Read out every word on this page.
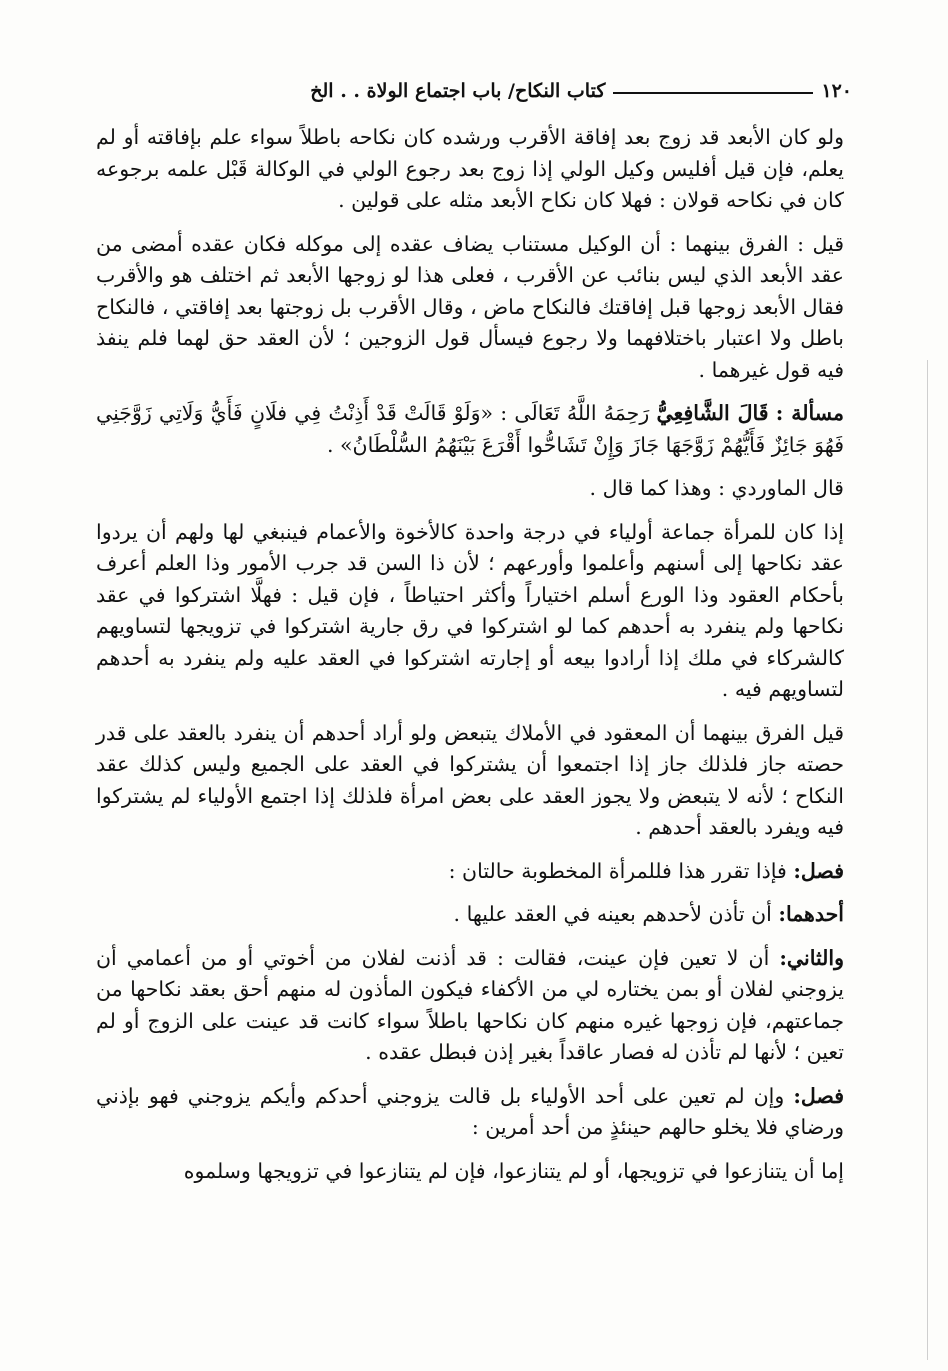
١٢٠
كتاب النكاح/ باب اجتماع الولاة . . الخ

ولو كان الأبعد قد زوج بعد إفاقة الأقرب ورشده كان نكاحه باطلاً سواء علم بإفاقته أو لم يعلم، فإن قيل أفليس وكيل الولي إذا زوج بعد رجوع الولي في الوكالة قَبْل علمه برجوعه كان في نكاحه قولان : فهلا كان نكاح الأبعد مثله على قولين .

قيل : الفرق بينهما : أن الوكيل مستناب يضاف عقده إلى موكله فكان عقده أمضى من عقد الأبعد الذي ليس بنائب عن الأقرب ، فعلى هذا لو زوجها الأبعد ثم اختلف هو والأقرب فقال الأبعد زوجها قبل إفاقتك فالنكاح ماض ، وقال الأقرب بل زوجتها بعد إفاقتي ، فالنكاح باطل ولا اعتبار باختلافهما ولا رجوع فيسأل قول الزوجين ؛ لأن العقد حق لهما فلم ينفذ فيه قول غيرهما .

مسألة : قَالَ الشَّافِعِيُّ رَحِمَهُ اللَّهُ تَعَالَى : «وَلَوْ قَالَتْ قَدْ أَذِنْتُ فِي فلَانٍ فَأَيُّ وَلَاتِي زَوَّجَنِي فَهُوَ جَائِزٌ فَأَيُّهُمْ زَوَّجَهَا جَازَ وَإِنْ تَشَاحُّوا أَقْرَعَ بَيْنَهُمُ السُّلْطَانُ» .

قال الماوردي : وهذا كما قال .

إذا كان للمرأة جماعة أولياء في درجة واحدة كالأخوة والأعمام فينبغي لها ولهم أن يردوا عقد نكاحها إلى أسنهم وأعلموا وأورعهم ؛ لأن ذا السن قد جرب الأمور وذا العلم أعرف بأحكام العقود وذا الورع أسلم اختياراً وأكثر احتياطاً ، فإن قيل : فهلَّا اشتركوا في عقد نكاحها ولم ينفرد به أحدهم كما لو اشتركوا في رق جارية اشتركوا في تزويجها لتساويهم كالشركاء في ملك إذا أرادوا بيعه أو إجارته اشتركوا في العقد عليه ولم ينفرد به أحدهم لتساويهم فيه .

قيل الفرق بينهما أن المعقود في الأملاك يتبعض ولو أراد أحدهم أن ينفرد بالعقد على قدر حصته جاز فلذلك جاز إذا اجتمعوا أن يشتركوا في العقد على الجميع وليس كذلك عقد النكاح ؛ لأنه لا يتبعض ولا يجوز العقد على بعض امرأة فلذلك إذا اجتمع الأولياء لم يشتركوا فيه ويفرد بالعقد أحدهم .

فصل: فإذا تقرر هذا فللمرأة المخطوبة حالتان :

أحدهما: أن تأذن لأحدهم بعينه في العقد عليها .

والثاني: أن لا تعين فإن عينت، فقالت : قد أذنت لفلان من أخوتي أو من أعمامي أن يزوجني لفلان أو بمن يختاره لي من الأكفاء فيكون المأذون له منهم أحق بعقد نكاحها من جماعتهم، فإن زوجها غيره منهم كان نكاحها باطلاً سواء كانت قد عينت على الزوج أو لم تعين ؛ لأنها لم تأذن له فصار عاقداً بغير إذن فبطل عقده .

فصل: وإن لم تعين على أحد الأولياء بل قالت يزوجني أحدكم وأيكم يزوجني فهو بإذني ورضاي فلا يخلو حالهم حينئذٍ من أحد أمرين :

إما أن يتنازعوا في تزويجها، أو لم يتنازعوا، فإن لم يتنازعوا في تزويجها وسلموه
